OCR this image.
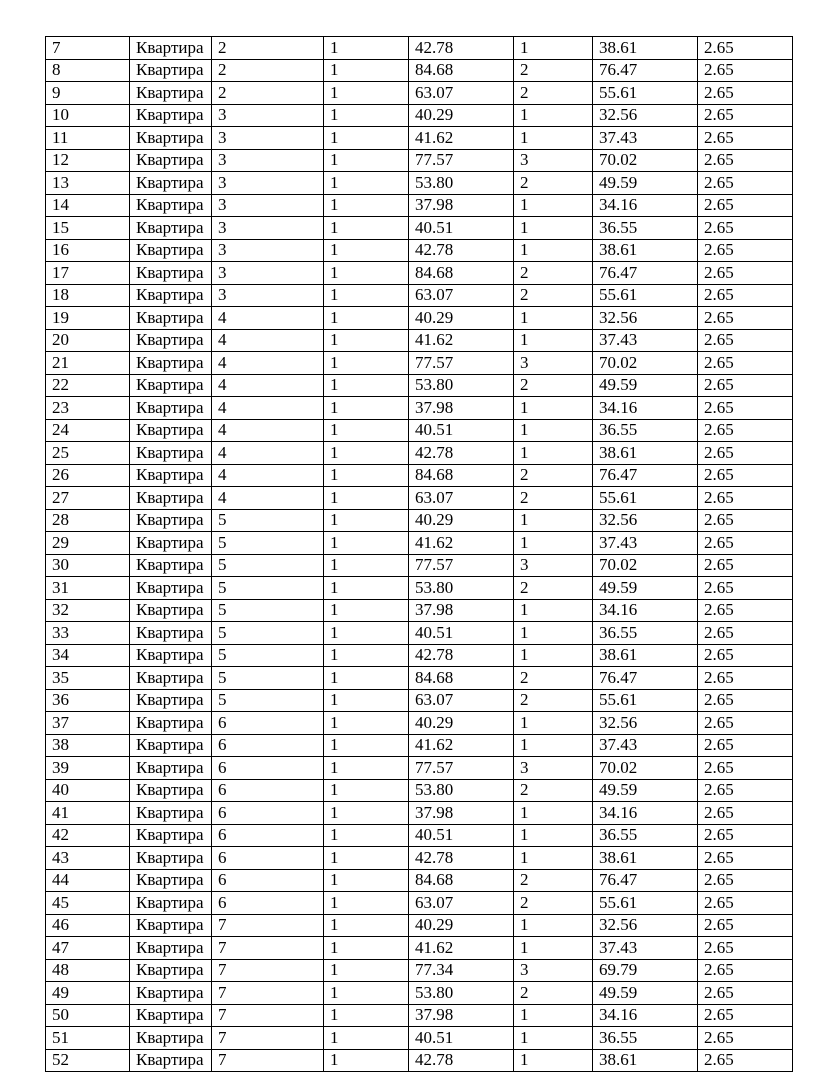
7	Квартира	2	1	42.78	1	38.61	2.65
8	Квартира	2	1	84.68	2	76.47	2.65
9	Квартира	2	1	63.07	2	55.61	2.65
10	Квартира	3	1	40.29	1	32.56	2.65
11	Квартира	3	1	41.62	1	37.43	2.65
12	Квартира	3	1	77.57	3	70.02	2.65
13	Квартира	3	1	53.80	2	49.59	2.65
14	Квартира	3	1	37.98	1	34.16	2.65
15	Квартира	3	1	40.51	1	36.55	2.65
16	Квартира	3	1	42.78	1	38.61	2.65
17	Квартира	3	1	84.68	2	76.47	2.65
18	Квартира	3	1	63.07	2	55.61	2.65
19	Квартира	4	1	40.29	1	32.56	2.65
20	Квартира	4	1	41.62	1	37.43	2.65
21	Квартира	4	1	77.57	3	70.02	2.65
22	Квартира	4	1	53.80	2	49.59	2.65
23	Квартира	4	1	37.98	1	34.16	2.65
24	Квартира	4	1	40.51	1	36.55	2.65
25	Квартира	4	1	42.78	1	38.61	2.65
26	Квартира	4	1	84.68	2	76.47	2.65
27	Квартира	4	1	63.07	2	55.61	2.65
28	Квартира	5	1	40.29	1	32.56	2.65
29	Квартира	5	1	41.62	1	37.43	2.65
30	Квартира	5	1	77.57	3	70.02	2.65
31	Квартира	5	1	53.80	2	49.59	2.65
32	Квартира	5	1	37.98	1	34.16	2.65
33	Квартира	5	1	40.51	1	36.55	2.65
34	Квартира	5	1	42.78	1	38.61	2.65
35	Квартира	5	1	84.68	2	76.47	2.65
36	Квартира	5	1	63.07	2	55.61	2.65
37	Квартира	6	1	40.29	1	32.56	2.65
38	Квартира	6	1	41.62	1	37.43	2.65
39	Квартира	6	1	77.57	3	70.02	2.65
40	Квартира	6	1	53.80	2	49.59	2.65
41	Квартира	6	1	37.98	1	34.16	2.65
42	Квартира	6	1	40.51	1	36.55	2.65
43	Квартира	6	1	42.78	1	38.61	2.65
44	Квартира	6	1	84.68	2	76.47	2.65
45	Квартира	6	1	63.07	2	55.61	2.65
46	Квартира	7	1	40.29	1	32.56	2.65
47	Квартира	7	1	41.62	1	37.43	2.65
48	Квартира	7	1	77.34	3	69.79	2.65
49	Квартира	7	1	53.80	2	49.59	2.65
50	Квартира	7	1	37.98	1	34.16	2.65
51	Квартира	7	1	40.51	1	36.55	2.65
52	Квартира	7	1	42.78	1	38.61	2.65
